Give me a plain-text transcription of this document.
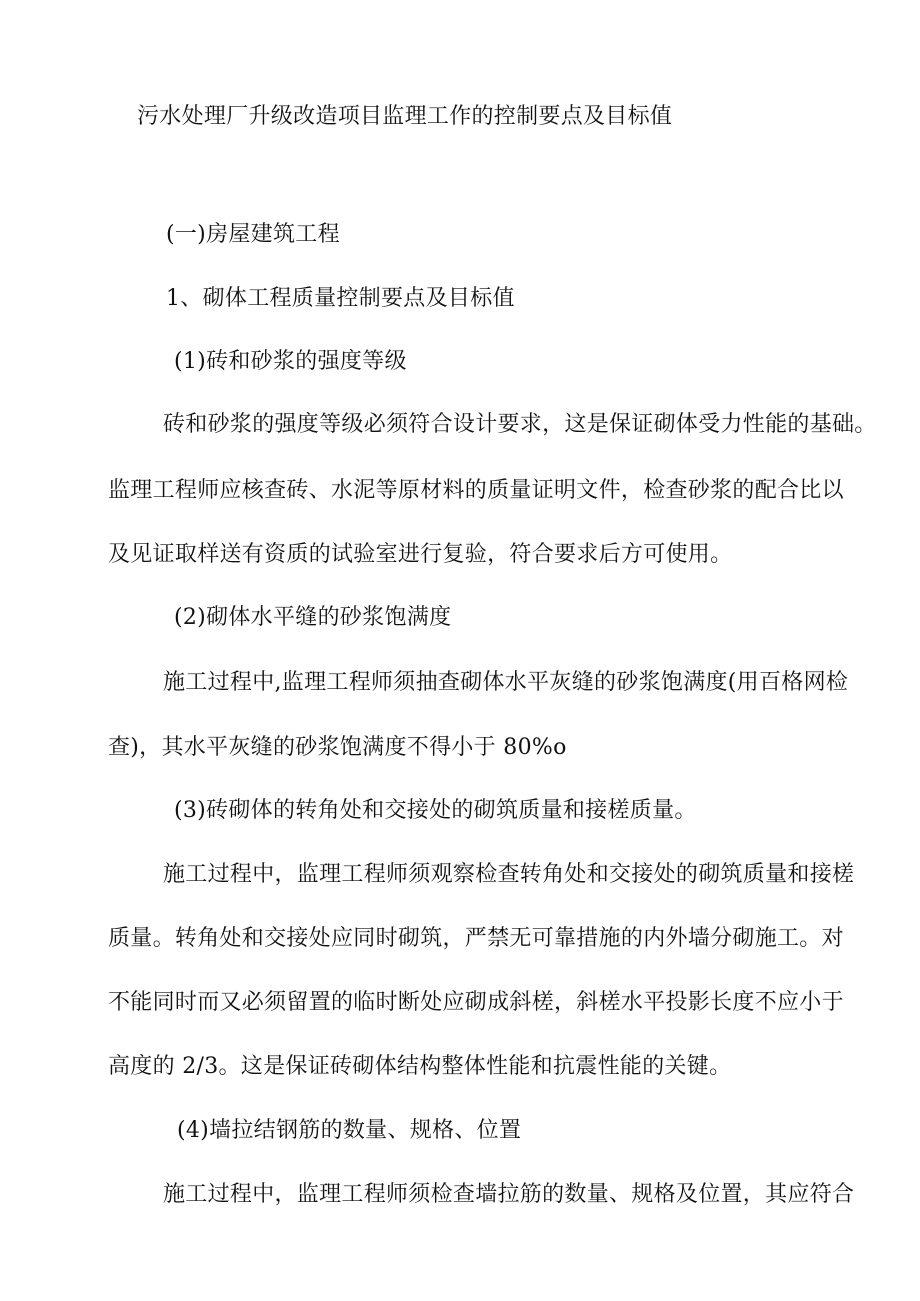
污水处理厂升级改造项目监理工作的控制要点及目标值
(一)房屋建筑工程
1、砌体工程质量控制要点及目标值
(1)砖和砂浆的强度等级
砖和砂浆的强度等级必须符合设计要求，这是保证砌体受力性能的基础。
监理工程师应核查砖、水泥等原材料的质量证明文件，检查砂浆的配合比以
及见证取样送有资质的试验室进行复验，符合要求后方可使用。
(2)砌体水平缝的砂浆饱满度
施工过程中,监理工程师须抽查砌体水平灰缝的砂浆饱满度(用百格网检
查)，其水平灰缝的砂浆饱满度不得小于 80%o
(3)砖砌体的转角处和交接处的砌筑质量和接槎质量。
施工过程中，监理工程师须观察检查转角处和交接处的砌筑质量和接槎
质量。转角处和交接处应同时砌筑，严禁无可靠措施的内外墙分砌施工。对
不能同时而又必须留置的临时断处应砌成斜槎，斜槎水平投影长度不应小于
高度的 2/3。这是保证砖砌体结构整体性能和抗震性能的关键。
(4)墙拉结钢筋的数量、规格、位置
施工过程中，监理工程师须检查墙拉筋的数量、规格及位置，其应符合
